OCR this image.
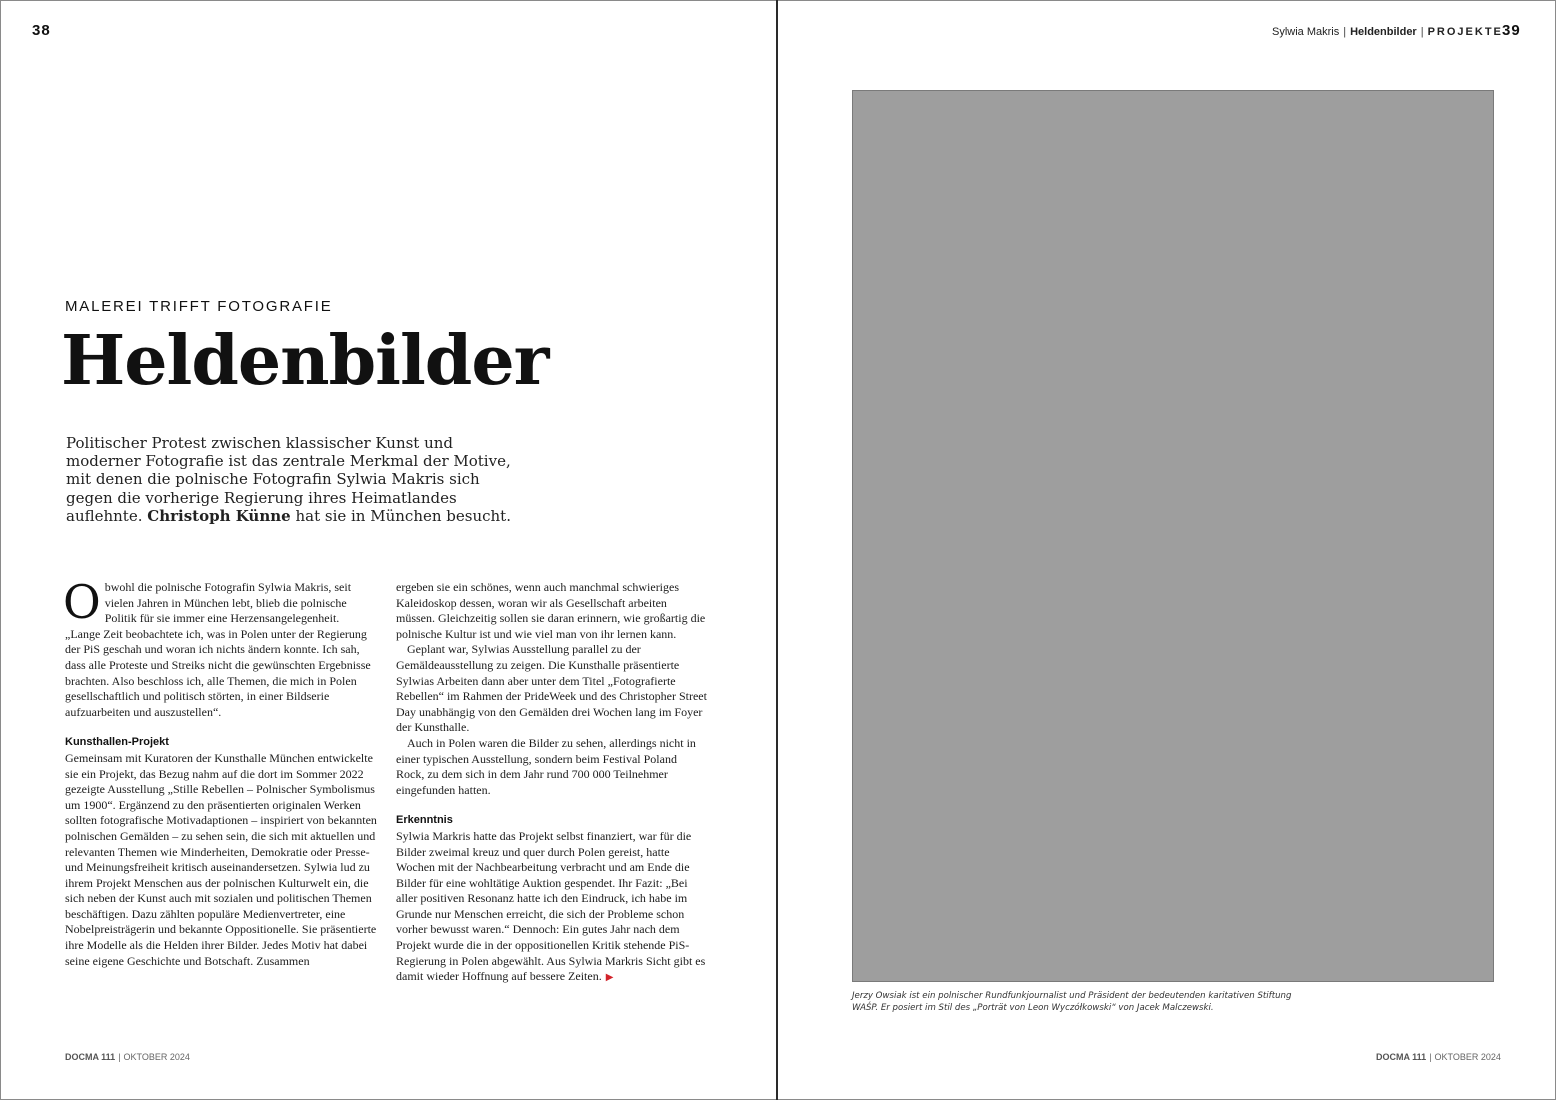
38
MALEREI TRIFFT FOTOGRAFIE
Heldenbilder
Politischer Protest zwischen klassischer Kunst und moderner Fotografie ist das zentrale Merkmal der Motive, mit denen die polnische Fotografin Sylwia Makris sich gegen die vorherige Regierung ihres Heimatlandes auflehnte. Christoph Künne hat sie in München besucht.

Obwohl die polnische Fotografin Sylwia Makris, seit vielen Jahren in München lebt, blieb die polnische Politik für sie immer eine Herzensangelegenheit. „Lange Zeit beobachtete ich, was in Polen unter der Regierung der PiS geschah und woran ich nichts ändern konnte. Ich sah, dass alle Proteste und Streiks nicht die gewünschten Ergebnisse brachten. Also beschloss ich, alle Themen, die mich in Polen gesellschaftlich und politisch störten, in einer Bildserie aufzuarbeiten und auszustellen“.

Kunsthallen-Projekt

Gemeinsam mit Kuratoren der Kunsthalle München entwickelte sie ein Projekt, das Bezug nahm auf die dort im Sommer 2022 gezeigte Ausstellung „Stille Rebellen – Polnischer Symbolismus um 1900“. Ergänzend zu den präsentierten originalen Werken sollten fotografische Motivadaptionen – inspiriert von bekannten polnischen Gemälden – zu sehen sein, die sich mit aktuellen und relevanten Themen wie Minderheiten, Demokratie oder Presse- und Meinungsfreiheit kritisch auseinandersetzen. Sylwia lud zu ihrem Projekt Menschen aus der polnischen Kulturwelt ein, die sich neben der Kunst auch mit sozialen und politischen Themen beschäftigen. Dazu zählten populäre Medienvertreter, eine Nobelpreisträgerin und bekannte Oppositionelle. Sie präsentierte ihre Modelle als die Helden ihrer Bilder. Jedes Motiv hat dabei seine eigene Geschichte und Botschaft. Zusammen

ergeben sie ein schönes, wenn auch manchmal schwieriges Kaleidoskop dessen, woran wir als Gesellschaft arbeiten müssen. Gleichzeitig sollen sie daran erinnern, wie großartig die polnische Kultur ist und wie viel man von ihr lernen kann.

Geplant war, Sylwias Ausstellung parallel zu der Gemäldeausstellung zu zeigen. Die Kunsthalle präsentierte Sylwias Arbeiten dann aber unter dem Titel „Fotografierte Rebellen“ im Rahmen der PrideWeek und des Christopher Street Day unabhängig von den Gemälden drei Wochen lang im Foyer der Kunsthalle.

Auch in Polen waren die Bilder zu sehen, allerdings nicht in einer typischen Ausstellung, sondern beim Festival Poland Rock, zu dem sich in dem Jahr rund 700 000 Teilnehmer eingefunden hatten.

Erkenntnis

Sylwia Markris hatte das Projekt selbst finanziert, war für die Bilder zweimal kreuz und quer durch Polen gereist, hatte Wochen mit der Nachbearbeitung verbracht und am Ende die Bilder für eine wohltätige Auktion gespendet. Ihr Fazit: „Bei aller positiven Resonanz hatte ich den Eindruck, ich habe im Grunde nur Menschen erreicht, die sich der Probleme schon vorher bewusst waren.“ Dennoch: Ein gutes Jahr nach dem Projekt wurde die in der oppositionellen Kritik stehende PiS-Regierung in Polen abgewählt. Aus Sylwia Markris Sicht gibt es damit wieder Hoffnung auf bessere Zeiten. ▶

DOCMA 111 | OKTOBER 2024
Sylwia Makris | Heldenbilder | PROJEKTE 39
Jerzy Owsiak ist ein polnischer Rundfunkjournalist und Präsident der bedeutenden karitativen Stiftung WAŚP. Er posiert im Stil des „Porträt von Leon Wyczółkowski“ von Jacek Malczewski.
DOCMA 111 | OKTOBER 2024
